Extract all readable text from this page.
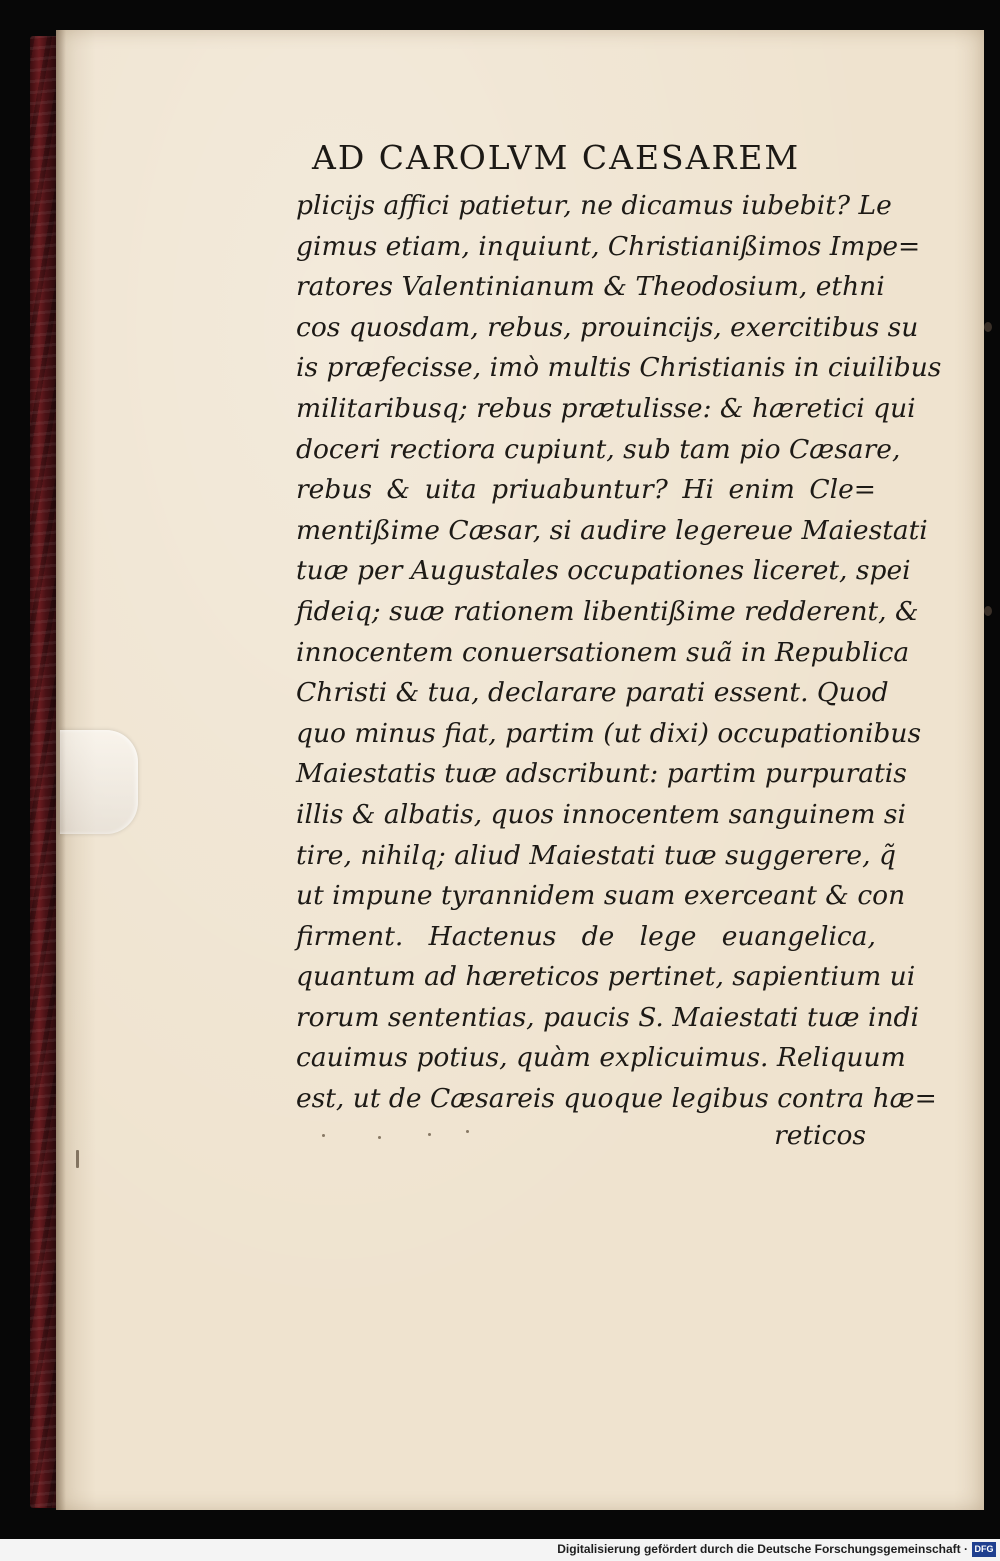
AD CAROLVM CAESAREM
plicijs affici patietur, ne dicamus iubebit? Le
gimus etiam, inquiunt, Christianißimos Impe=
ratores Valentinianum & Theodosium, ethni
cos quosdam, rebus, prouincijs, exercitibus su
is præfecisse, imò multis Christianis in ciuilibus
militaribusq; rebus prætulisse: & hæretici qui
doceri rectiora cupiunt, sub tam pio Cæsare,
rebus & uita priuabuntur? Hi enim Cle=
mentißime Cæsar, si audire legereue Maiestati
tuæ per Augustales occupationes liceret, spei
fideiq; suæ rationem libentißime redderent, &
innocentem conuersationem suã in Republica
Christi & tua, declarare parati essent. Quod
quo minus fiat, partim (ut dixi) occupationibus
Maiestatis tuæ adscribunt: partim purpuratis
illis & albatis, quos innocentem sanguinem si
tire, nihilq; aliud Maiestati tuæ suggerere, q̃
ut impune tyrannidem suam exerceant & con
firment. Hactenus de lege euangelica,
quantum ad hæreticos pertinet, sapientium ui
rorum sententias, paucis S. Maiestati tuæ indi
cauimus potius, quàm explicuimus. Reliquum
est, ut de Cæsareis quoque legibus contra hæ=
reticos
Digitalisierung gefördert durch die Deutsche Forschungsgemeinschaft · DFG
